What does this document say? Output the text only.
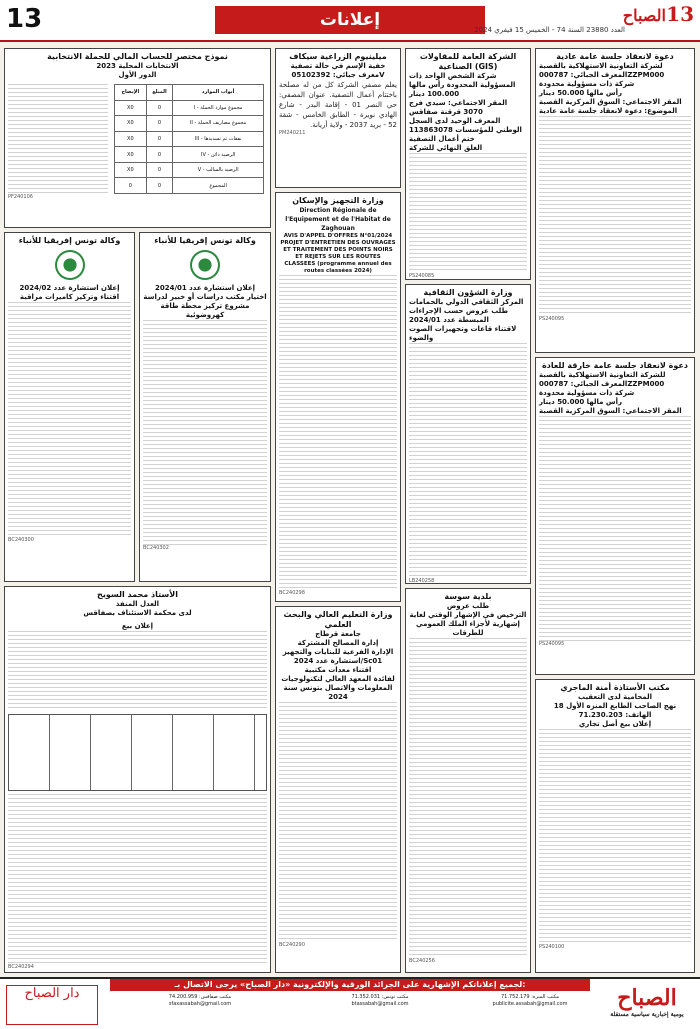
13	إعلانات	العدد 23880 السنة 74 - الخميس 15 فيفري 2024
13
الصباح
دعوة لانعقاد جلسة عامة عادية
لشركة التعاونية الاستهلاكية بالقصبة
المعرف الجبائي: 000787ZZPM000
شركة ذات مسؤولية محدودة
رأس مالها 50.000 دينار
المقر الاجتماعي: السوق المركزية القصبة
الموضوع: دعوة لانعقاد جلسة عامة عادية
PS240095
دعوة لانعقاد جلسة عامة خارقة للعادة
للشركة التعاونية الاستهلاكية بالقصبة
المعرف الجبائي: 000787ZZPM000
شركة ذات مسؤولية محدودة
رأس مالها 50.000 دينار
المقر الاجتماعي: السوق المركزية القصبة
PS240095
مكتب الأستاذة أمنة الماجري
المحامية لدى التعقيب
18 نهج الصاحب الطابع المنزه الأول
الهاتف: 71.230.203
إعلان بيع أصل تجاري
PS240100
الشركة العامة للمقاولات الصناعية (GIS)
شركة الشخص الواحد ذات المسؤولية المحدودة رأس مالها 100.000 دينار
المقر الاجتماعي: سيدي فرج 3070 قرقنة صفاقس
المعرف الوحيد لدى السجل الوطني للمؤسسات 113863078
ختم أعمال التصفية
الغلق النهائي للشركة
PS240085
وزارة الشؤون الثقافية
المركز الثقافي الدولي بالحمامات
طلب عروض حسب الإجراءات المبسطة عدد 2024/01
لاقتناء قاعات وتجهيزات الصوت والضوء
LB240258
بلدية سوسة
طلب عروض
الترخيص في الإشهار الوقتي لغاية إشهارية لأجزاء الملك العمومي للطرقات
BC240256
ميلينيوم الزراعية سيكاف
خفية الإسم في حالة تصفية
معرف جبائي: 05102392V
يعلم مصفي الشركة كل من له مصلحة باختتام أعمال التصفية. عنوان المصفي: حي النصر 01 - إقامة البدر - شارع الهادي نويرة - الطابق الخامس - شقة 52 - بريد 2037 - ولاية أريانة.
PM240211
وزارة التجهيز والإسكان
Direction Régionale de l'Equipement et de l'Habitat de Zaghouan
AVIS D'APPEL D'OFFRES N°01/2024 PROJET D'ENTRETIEN DES OUVRAGES ET TRAITEMENT DES POINTS NOIRS ET REJETS SUR LES ROUTES CLASSEES (programme annuel des routes classées 2024)
BC240298
وزارة التعليم العالي والبحث العلمي
جامعة قرطاج
إدارة المصالح المشتركة
الإدارة الفرعية للبنايات والتجهيز
استشارة عدد 2024/Sc01
اقتناء معدات مكتبية
لفائدة المعهد العالي لتكنولوجيات المعلومات والاتصال بتونس سنة 2024
BC240290
نموذج مختصر للحساب المالي للحملة الانتخابية
الانتخابات المحلية 2023
الدور الأول
الإيضاح	المبلغ	أبواب الموارد
X0	0	I - مجموع موارد الحملة
X0	0	II - مجموع مصاريف الحملة
X0	0	III - نفقات تم تسديدها
X0	0	IV - الرصيد دائن
X0	0	V - الرصيد بالسالب
0	0	المجموع
PF240106
وكالة تونس إفريقيا للأنباء
إعلان استشارة عدد 2024/02
اقتناء وتركيز كاميرات مراقبة
BC240300
وكالة تونس إفريقيا للأنباء
إعلان استشارة عدد 2024/01
اختيار مكتب دراسات أو خبير لدراسة مشروع تركيز محطة طاقة كهروضوئية
BC240302
الأستاذ محمد السويح
العدل المنفذ
لدى محكمة الاستئناف بصفاقس
إعلان بيع
BC240294
لجميع إعلاناتكم الإشهارية على الجرائد الورقية والإلكترونية «دار الصباح» يرجى الاتصال بـ:
دار الصباح	الصباح
يومية إخبارية سياسية مستقلة
مكتب المنزه: 71.752.179
publicite.assabah@gmail.com
مكتب تونس: 71.352.031
btassabah@gmail.com
مكتب صفاقس: 74.200.959
sfaxassabah@gmail.com
